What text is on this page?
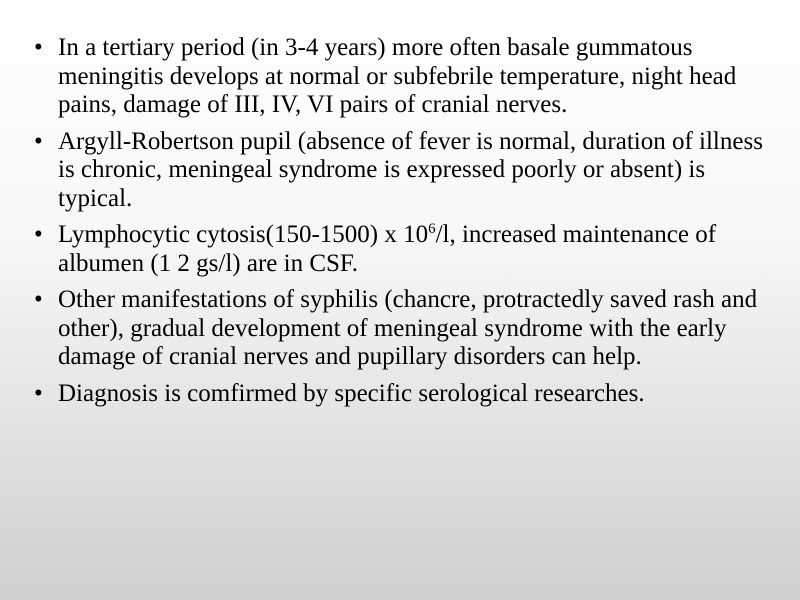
• In a tertiary period (in 3-4 years) more often basale gummatous meningitis develops at normal or subfebrile temperature, night head pains, damage of III, IV, VI pairs of cranial nerves.
• Argyll-Robertson pupil (absence of fever is normal, duration of illness is chronic, meningeal syndrome is expressed poorly or absent) is typical.
• Lymphocytic cytosis(150-1500) x $10^6/l$, increased maintenance of albumen (1 2 gs/l) are in CSF.
• Other manifestations of syphilis (chancre, protractedly saved rash and other), gradual development of meningeal syndrome with the early damage of cranial nerves and pupillary disorders can help.
• Diagnosis is comfirmed by specific serological researches.
